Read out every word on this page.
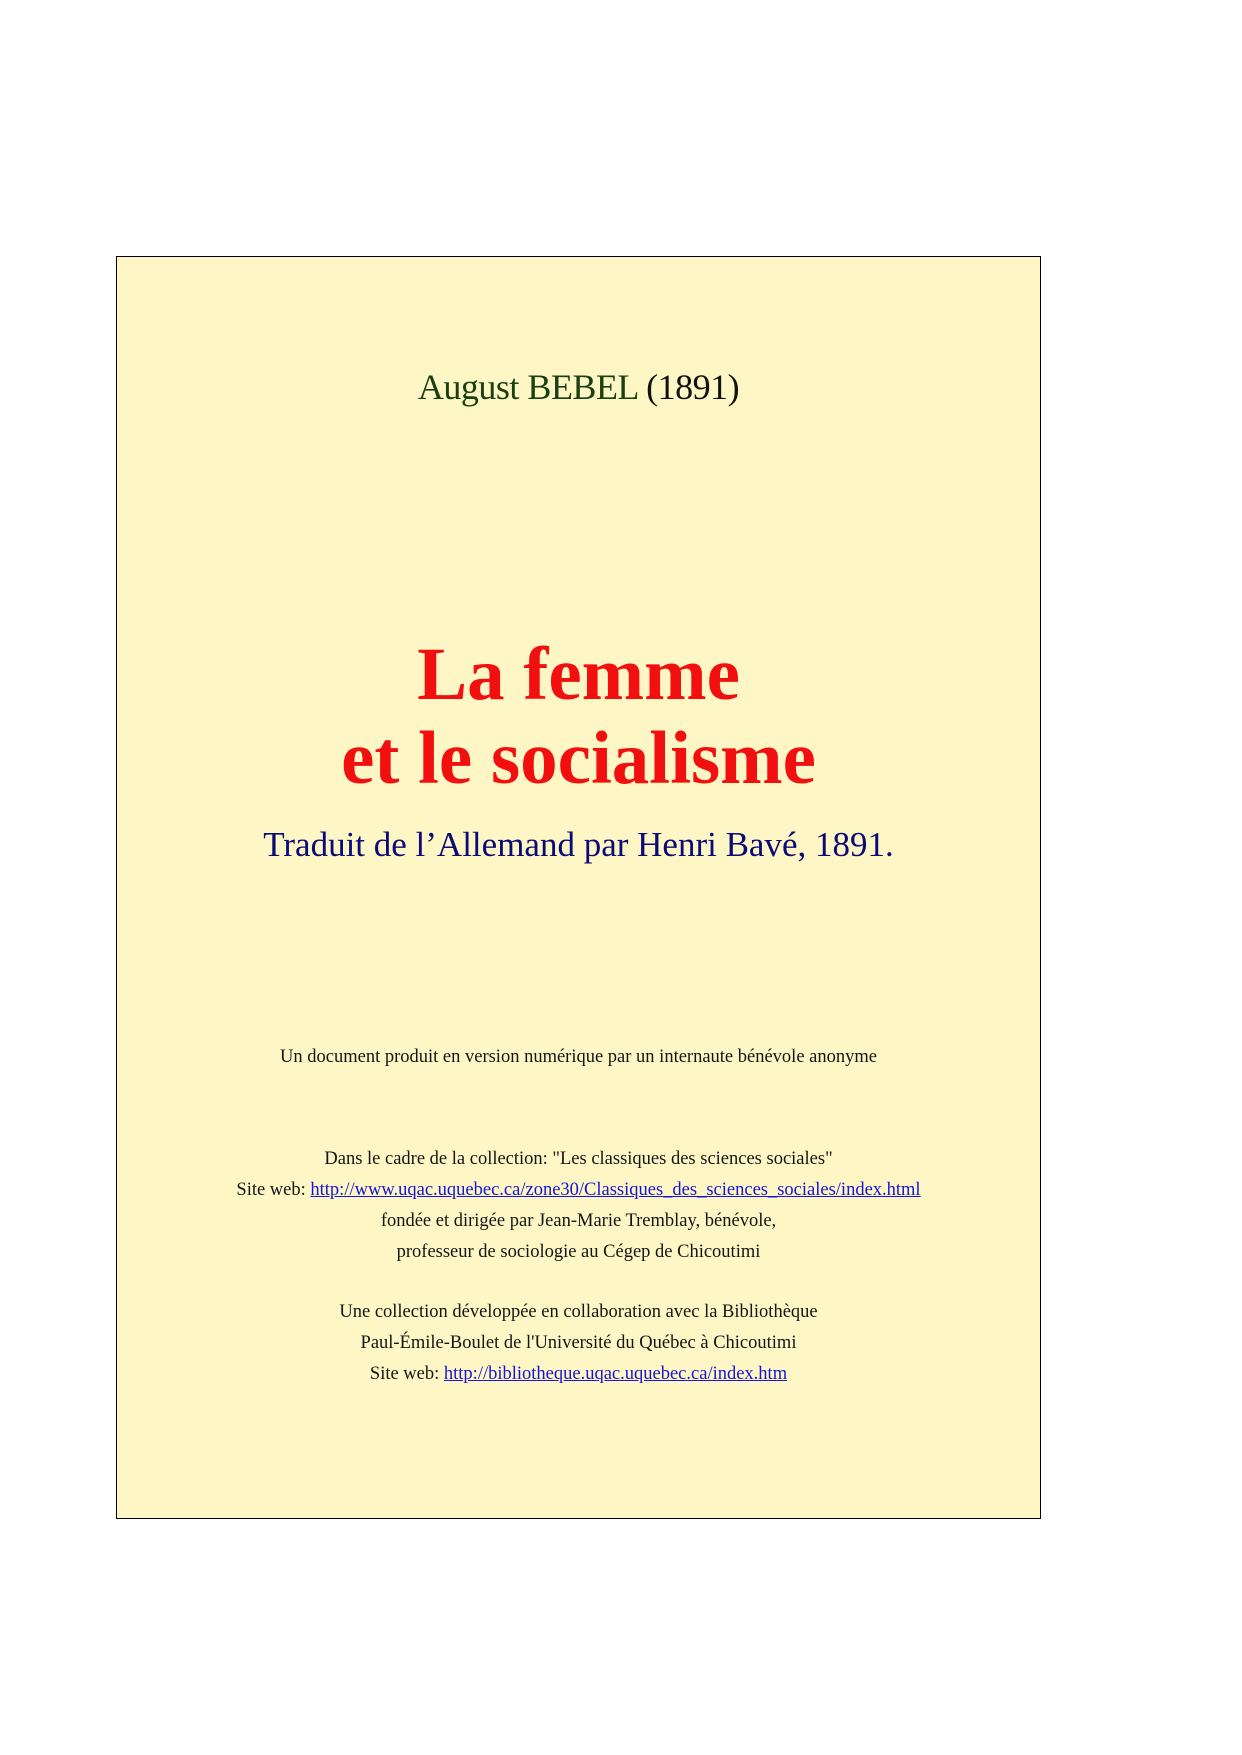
August BEBEL (1891)
La femme
et le socialisme
Traduit de l’Allemand par Henri Bavé, 1891.
Un document produit en version numérique par un internaute bénévole anonyme
Dans le cadre de la collection: "Les classiques des sciences sociales"
Site web: http://www.uqac.uquebec.ca/zone30/Classiques_des_sciences_sociales/index.html
fondée et dirigée par Jean-Marie Tremblay, bénévole,
professeur de sociologie au Cégep de Chicoutimi
Une collection développée en collaboration avec la Bibliothèque
Paul-Émile-Boulet de l'Université du Québec à Chicoutimi
Site web: http://bibliotheque.uqac.uquebec.ca/index.htm
